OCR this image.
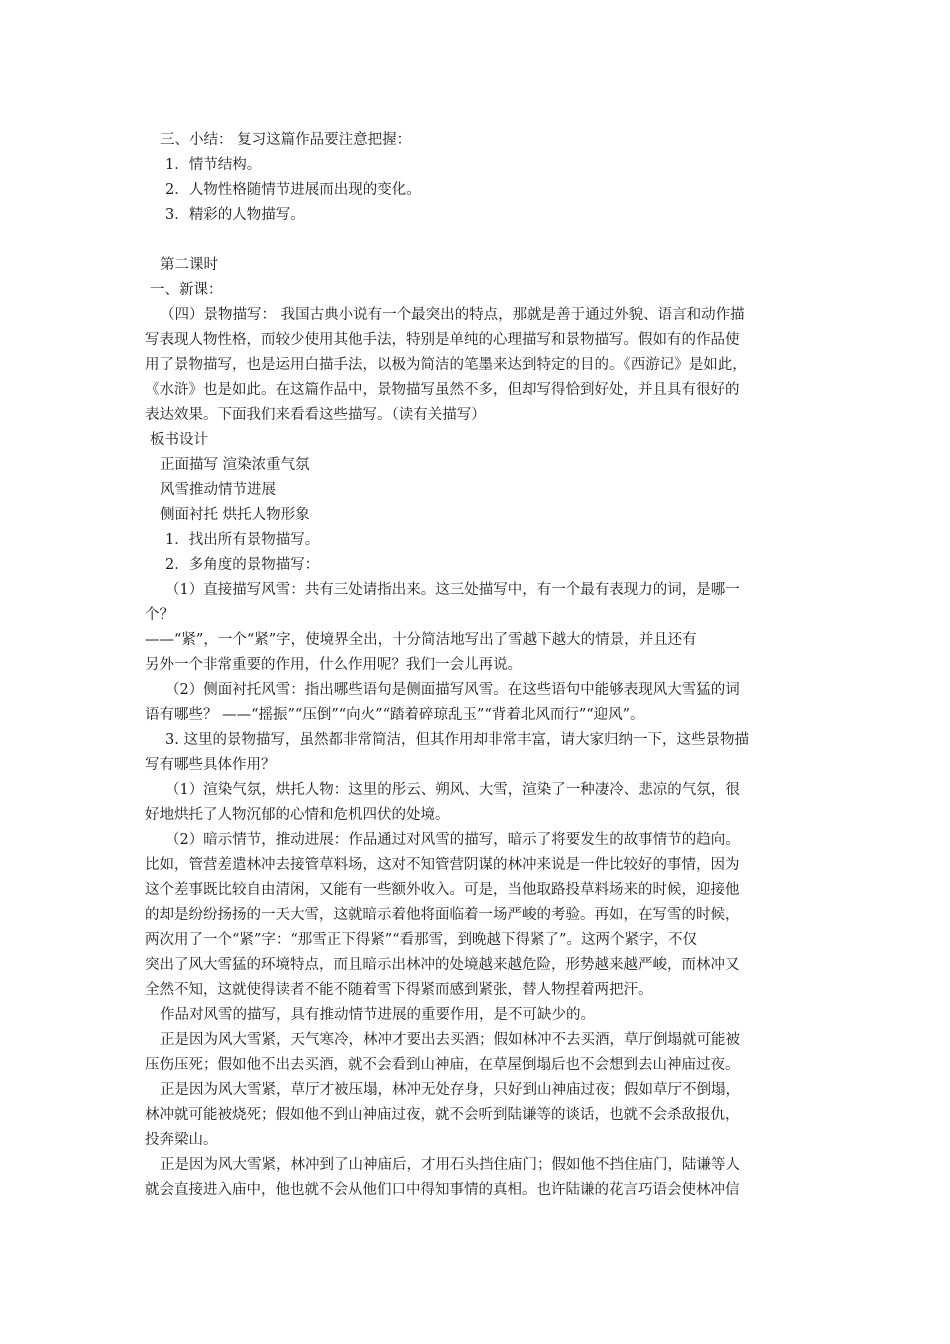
三、小结： 复习这篇作品要注意把握：
1．情节结构。
2．人物性格随情节进展而出现的变化。
3．精彩的人物描写。
第二课时
一、新课：
（四）景物描写： 我国古典小说有一个最突出的特点，那就是善于通过外貌、语言和动作描
写表现人物性格，而较少使用其他手法，特别是单纯的心理描写和景物描写。假如有的作品使
用了景物描写，也是运用白描手法，以极为简洁的笔墨来达到特定的目的。《西游记》是如此，
《水浒》也是如此。在这篇作品中，景物描写虽然不多，但却写得恰到好处，并且具有很好的
表达效果。下面我们来看看这些描写。（读有关描写）
板书设计
正面描写 渲染浓重气氛
风雪推动情节进展
侧面衬托 烘托人物形象
1．找出所有景物描写。
2．多角度的景物描写：
（1）直接描写风雪：共有三处请指出来。这三处描写中，有一个最有表现力的词，是哪一
个？
——“紧”，一个“紧”字，使境界全出，十分简洁地写出了雪越下越大的情景，并且还有
另外一个非常重要的作用，什么作用呢？我们一会儿再说。
（2）侧面衬托风雪：指出哪些语句是侧面描写风雪。在这些语句中能够表现风大雪猛的词
语有哪些？ ——“摇振”“压倒”“向火”“踏着碎琼乱玉”“背着北风而行”“迎风”。
3. 这里的景物描写，虽然都非常简洁，但其作用却非常丰富，请大家归纳一下，这些景物描
写有哪些具体作用？
（1）渲染气氛，烘托人物：这里的彤云、朔风、大雪，渲染了一种凄冷、悲凉的气氛，很
好地烘托了人物沉郁的心情和危机四伏的处境。
（2）暗示情节，推动进展：作品通过对风雪的描写，暗示了将要发生的故事情节的趋向。
比如，管营差遣林冲去接管草料场，这对不知管营阴谋的林冲来说是一件比较好的事情，因为
这个差事既比较自由清闲，又能有一些额外收入。可是，当他取路投草料场来的时候，迎接他
的却是纷纷扬扬的一天大雪，这就暗示着他将面临着一场严峻的考验。再如，在写雪的时候，
两次用了一个“紧”字：“那雪正下得紧”“看那雪，到晚越下得紧了”。这两个紧字，不仅
突出了风大雪猛的环境特点，而且暗示出林冲的处境越来越危险，形势越来越严峻，而林冲又
全然不知，这就使得读者不能不随着雪下得紧而感到紧张，替人物捏着两把汗。
作品对风雪的描写，具有推动情节进展的重要作用，是不可缺少的。
正是因为风大雪紧，天气寒冷，林冲才要出去买酒；假如林冲不去买酒，草厅倒塌就可能被
压伤压死；假如他不出去买酒，就不会看到山神庙，在草屋倒塌后也不会想到去山神庙过夜。
正是因为风大雪紧，草厅才被压塌，林冲无处存身，只好到山神庙过夜；假如草厅不倒塌，
林冲就可能被烧死；假如他不到山神庙过夜，就不会听到陆谦等的谈话，也就不会杀敌报仇，
投奔梁山。
正是因为风大雪紧，林冲到了山神庙后，才用石头挡住庙门；假如他不挡住庙门，陆谦等人
就会直接进入庙中，他也就不会从他们口中得知事情的真相。也许陆谦的花言巧语会使林冲信
